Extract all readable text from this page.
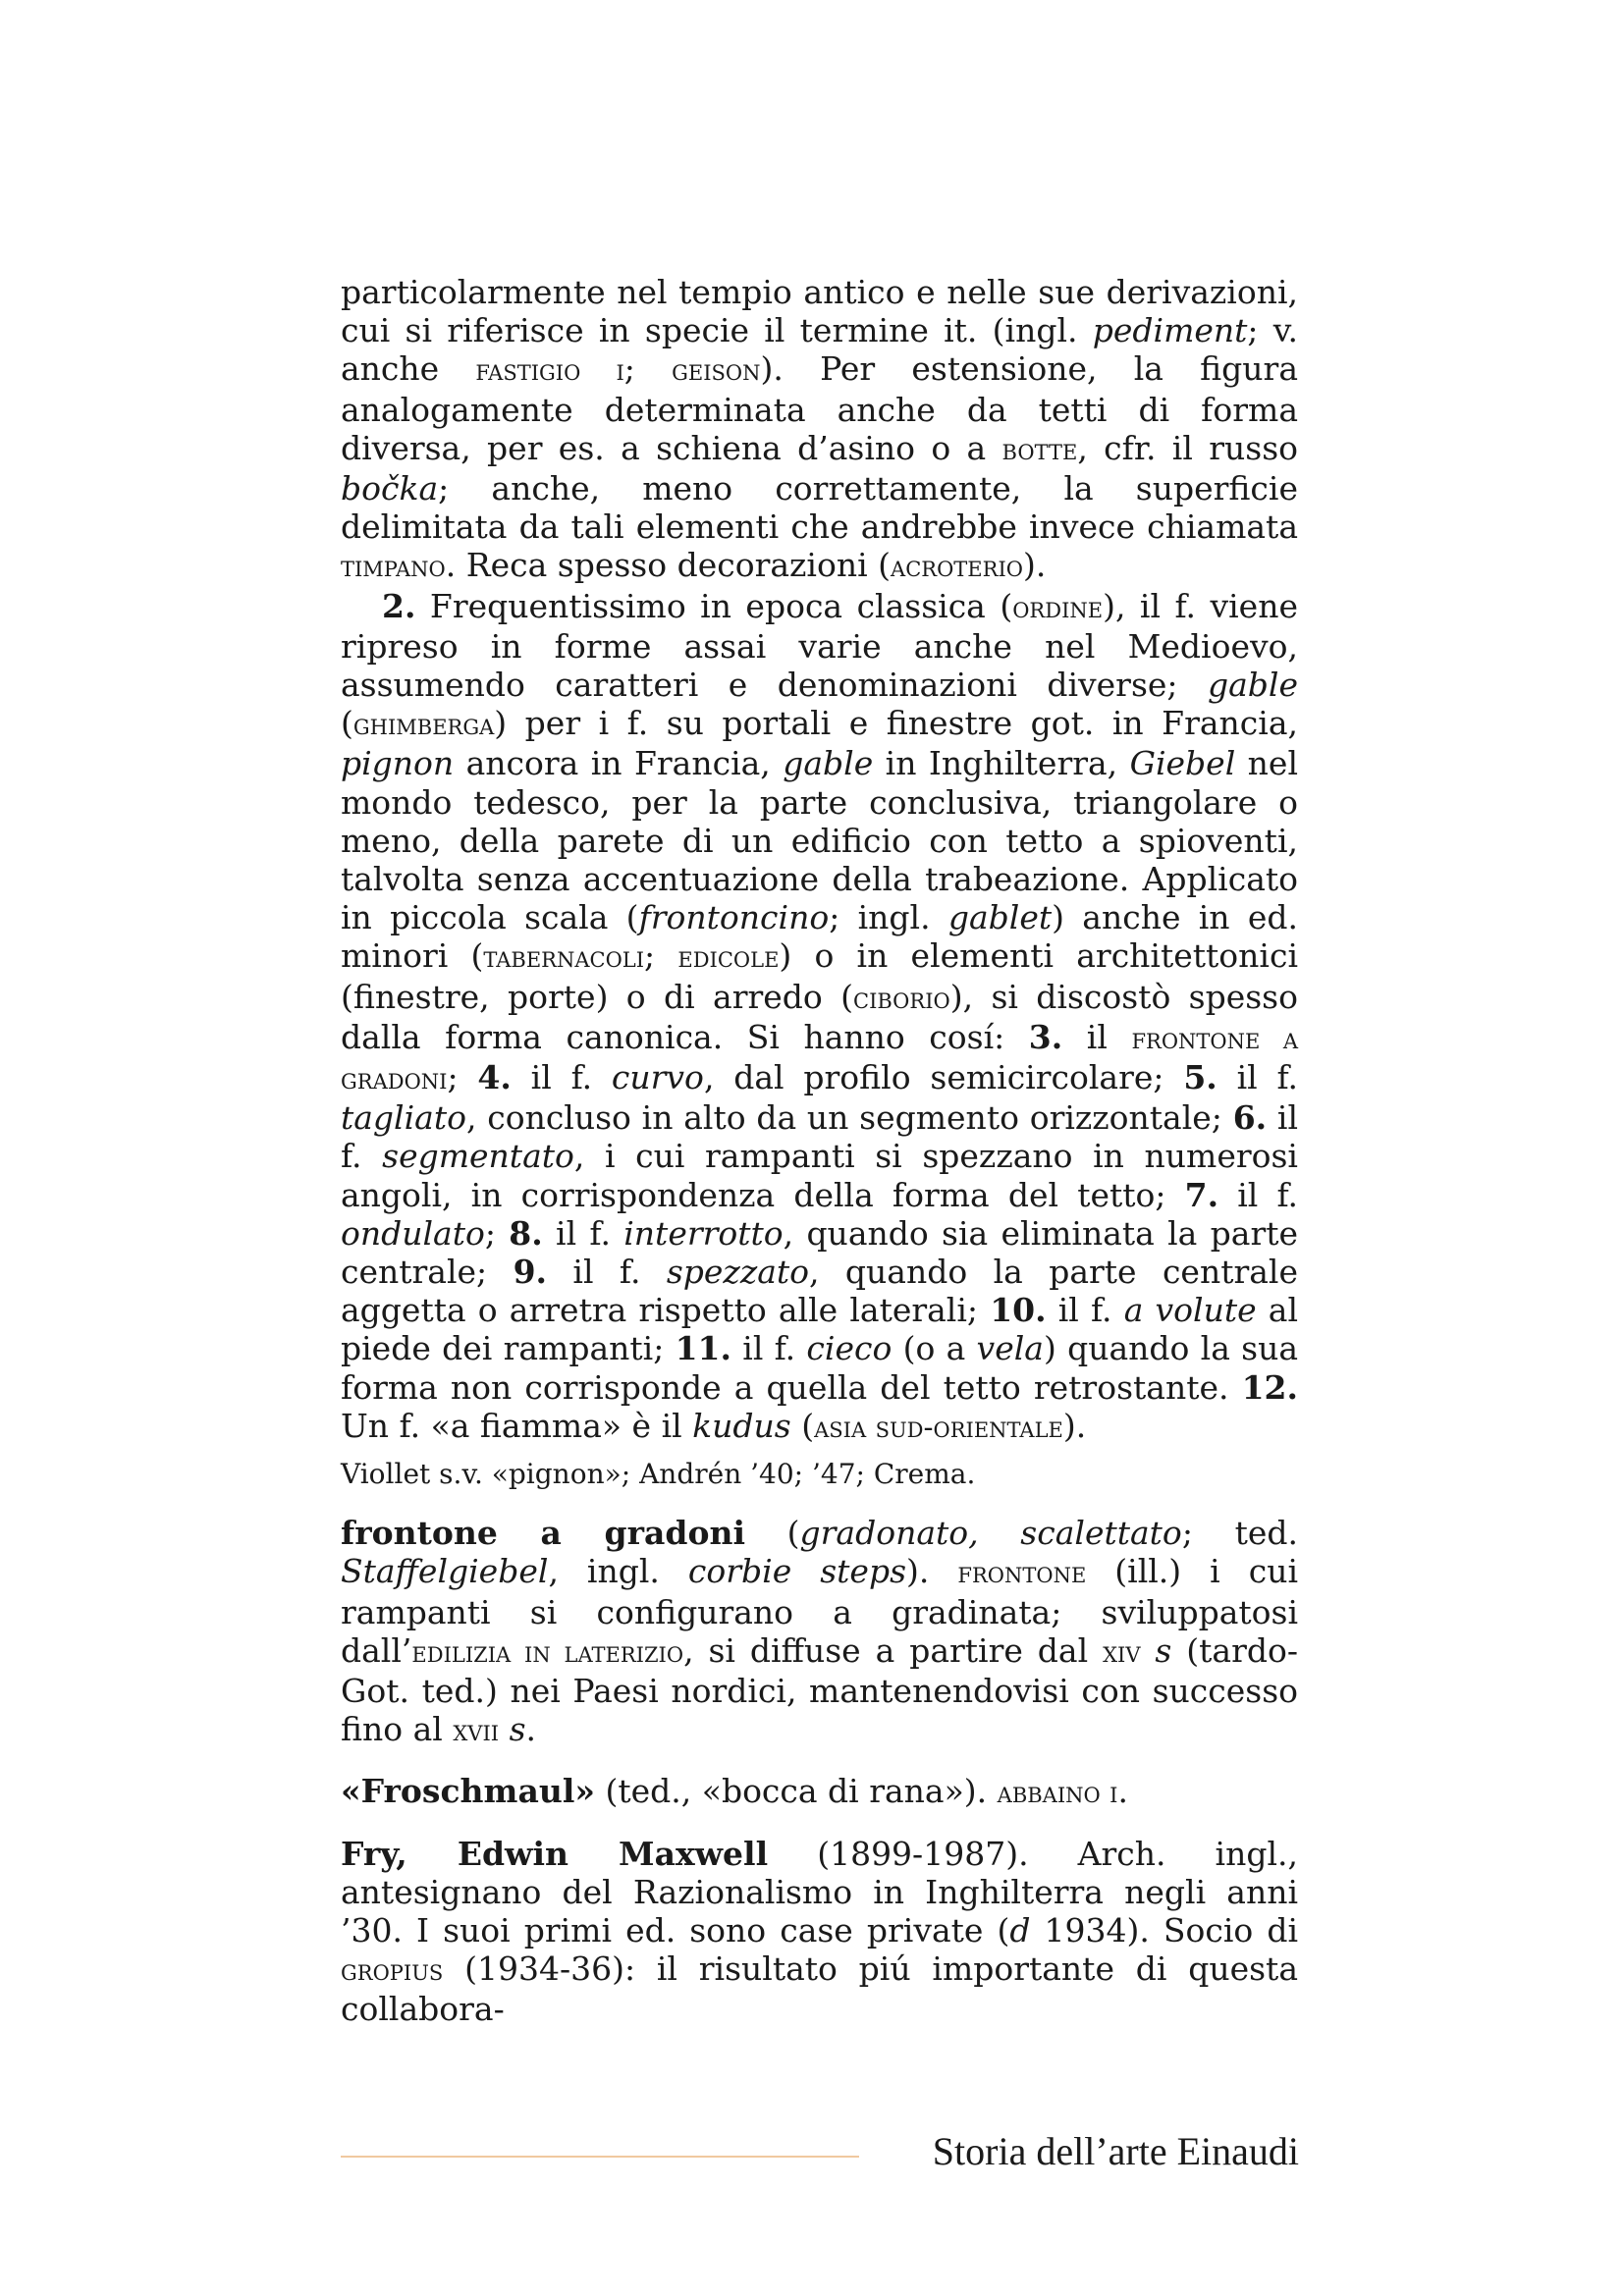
particolarmente nel tempio antico e nelle sue derivazioni, cui si riferisce in specie il termine it. (ingl. pediment; v. anche fastigio i; geison). Per estensione, la figura analogamente determinata anche da tetti di forma diversa, per es. a schiena d’asino o a botte, cfr. il russo bočka; anche, meno correttamente, la superficie delimitata da tali elementi che andrebbe invece chiamata timpano. Reca spesso decorazioni (acroterio).

2. Frequentissimo in epoca classica (ordine), il f. viene ripreso in forme assai varie anche nel Medioevo, assumendo caratteri e denominazioni diverse; gable (ghimberga) per i f. su portali e finestre got. in Francia, pignon ancora in Francia, gable in Inghilterra, Giebel nel mondo tedesco, per la parte conclusiva, triangolare o meno, della parete di un edificio con tetto a spioventi, talvolta senza accentuazione della trabeazione. Applicato in piccola scala (frontoncino; ingl. gablet) anche in ed. minori (tabernacoli; edicole) o in elementi architettonici (finestre, porte) o di arredo (ciborio), si discostò spesso dalla forma canonica. Si hanno cosí: 3. il frontone a gradoni; 4. il f. curvo, dal profilo semicircolare; 5. il f. tagliato, concluso in alto da un segmento orizzontale; 6. il f. segmentato, i cui rampanti si spezzano in numerosi angoli, in corrispondenza della forma del tetto; 7. il f. ondulato; 8. il f. interrotto, quando sia eliminata la parte centrale; 9. il f. spezzato, quando la parte centrale aggetta o arretra rispetto alle laterali; 10. il f. a volute al piede dei rampanti; 11. il f. cieco (o a vela) quando la sua forma non corrisponde a quella del tetto retrostante. 12. Un f. «a fiamma» è il kudus (asia sud-orientale).

Viollet s.v. «pignon»; Andrén ’40; ’47; Crema.

frontone a gradoni (gradonato, scalettato; ted. Staffelgiebel, ingl. corbie steps). frontone (ill.) i cui rampanti si configurano a gradinata; sviluppatosi dall’edilizia in laterizio, si diffuse a partire dal xiv s (tardo-Got. ted.) nei Paesi nordici, mantenendovisi con successo fino al xvii s.

«Froschmaul» (ted., «bocca di rana»). abbaino i.

Fry, Edwin Maxwell (1899-1987). Arch. ingl., antesignano del Razionalismo in Inghilterra negli anni ’30. I suoi primi ed. sono case private (d 1934). Socio di gropius (1934-36): il risultato piú importante di questa collabora-

Storia dell’arte Einaudi
